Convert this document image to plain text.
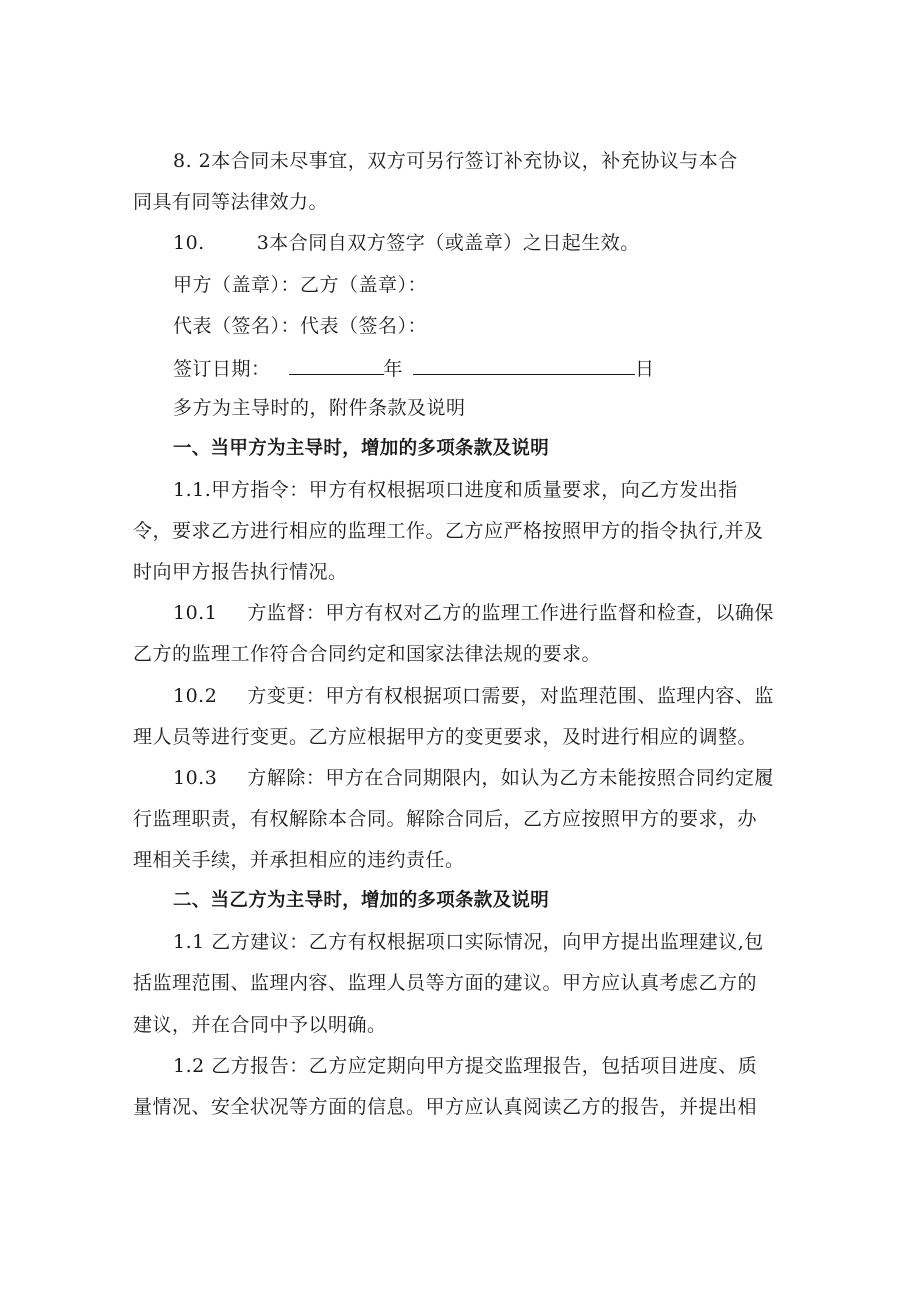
8. 2本合同未尽事宜，双方可另行签订补充协议，补充协议与本合
同具有同等法律效力。
10.	3本合同自双方签字（或盖章）之日起生效。
甲方（盖章）：乙方（盖章）：
代表（签名）：代表（签名）：
签订日期：	年	日
多方为主导时的，附件条款及说明
一、当甲方为主导时，增加的多项条款及说明
1.1.甲方指令：甲方有权根据项口进度和质量要求，向乙方发出指
令，要求乙方进行相应的监理工作。乙方应严格按照甲方的指令执行,并及
时向甲方报告执行情况。
10.1 方监督：甲方有权对乙方的监理工作进行监督和检查，以确保
乙方的监理工作符合合同约定和国家法律法规的要求。
10.2 方变更：甲方有权根据项口需要，对监理范围、监理内容、监
理人员等进行变更。乙方应根据甲方的变更要求，及时进行相应的调整。
10.3 方解除：甲方在合同期限内，如认为乙方未能按照合同约定履
行监理职责，有权解除本合同。解除合同后，乙方应按照甲方的要求，办
理相关手续，并承担相应的违约责任。
二、当乙方为主导时，增加的多项条款及说明
1.1 乙方建议：乙方有权根据项口实际情况，向甲方提出监理建议,包
括监理范围、监理内容、监理人员等方面的建议。甲方应认真考虑乙方的
建议，并在合同中予以明确。
1.2 乙方报告：乙方应定期向甲方提交监理报告，包括项目进度、质
量情况、安全状况等方面的信息。甲方应认真阅读乙方的报告，并提出相
